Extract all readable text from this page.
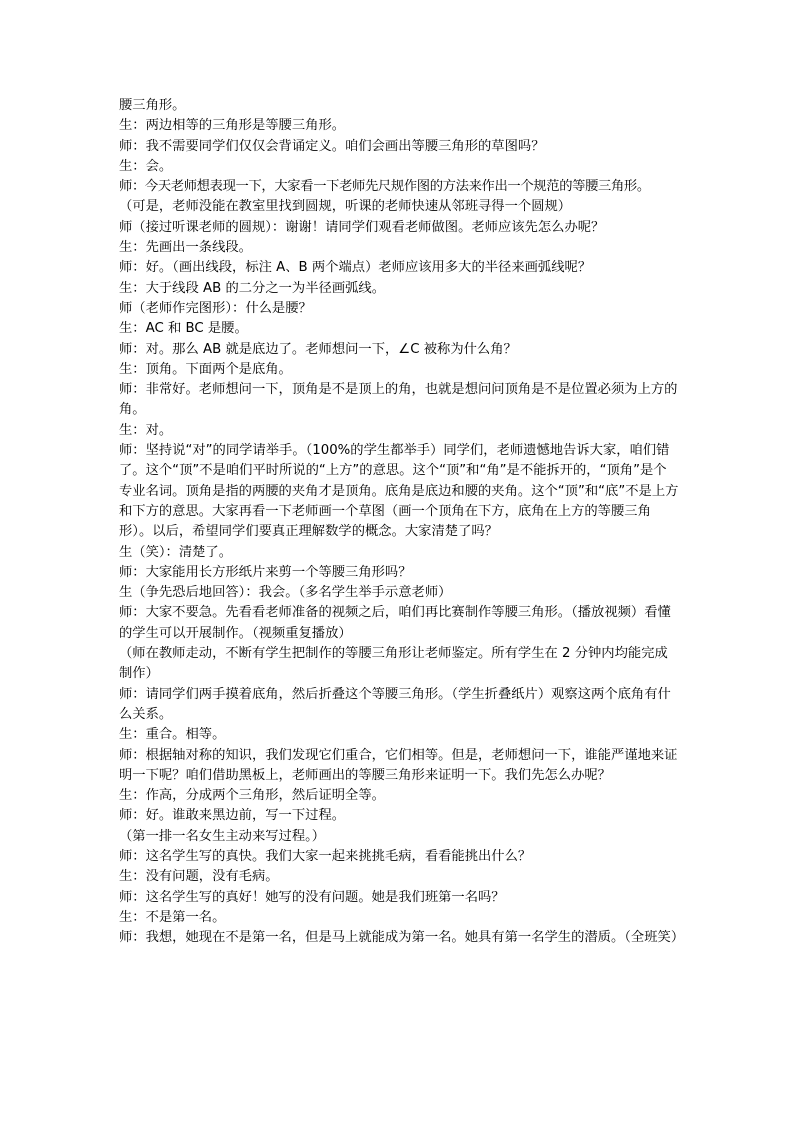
腰三角形。

生：两边相等的三角形是等腰三角形。

师：我不需要同学们仅仅会背诵定义。咱们会画出等腰三角形的草图吗？

生：会。

师：今天老师想表现一下，大家看一下老师先尺规作图的方法来作出一个规范的等腰三角形。

（可是，老师没能在教室里找到圆规，听课的老师快速从邻班寻得一个圆规）

师（接过听课老师的圆规）：谢谢！请同学们观看老师做图。老师应该先怎么办呢？

生：先画出一条线段。

师：好。（画出线段，标注 A、B 两个端点）老师应该用多大的半径来画弧线呢？

生：大于线段 AB 的二分之一为半径画弧线。

师（老师作完图形）：什么是腰？

生：AC 和 BC 是腰。

师：对。那么 AB 就是底边了。老师想问一下，∠C 被称为什么角？

生：顶角。下面两个是底角。

师：非常好。老师想问一下，顶角是不是顶上的角，也就是想问问顶角是不是位置必须为上方的角。

生：对。

师：坚持说“对”的同学请举手。（100%的学生都举手）同学们，老师遗憾地告诉大家，咱们错了。这个“顶”不是咱们平时所说的“上方”的意思。这个“顶”和“角”是不能拆开的，“顶角”是个专业名词。顶角是指的两腰的夹角才是顶角。底角是底边和腰的夹角。这个“顶”和“底”不是上方和下方的意思。大家再看一下老师画一个草图（画一个顶角在下方，底角在上方的等腰三角形）。以后，希望同学们要真正理解数学的概念。大家清楚了吗？

生（笑）：清楚了。

师：大家能用长方形纸片来剪一个等腰三角形吗？

生（争先恐后地回答）：我会。（多名学生举手示意老师）

师：大家不要急。先看看老师准备的视频之后，咱们再比赛制作等腰三角形。（播放视频）看懂的学生可以开展制作。（视频重复播放）

（师在教师走动，不断有学生把制作的等腰三角形让老师鉴定。所有学生在 2 分钟内均能完成制作）

师：请同学们两手摸着底角，然后折叠这个等腰三角形。（学生折叠纸片）观察这两个底角有什么关系。

生：重合。相等。

师：根据轴对称的知识，我们发现它们重合，它们相等。但是，老师想问一下，谁能严谨地来证明一下呢？咱们借助黑板上，老师画出的等腰三角形来证明一下。我们先怎么办呢？

生：作高，分成两个三角形，然后证明全等。

师：好。谁敢来黑边前，写一下过程。

（第一排一名女生主动来写过程。）

师：这名学生写的真快。我们大家一起来挑挑毛病，看看能挑出什么？

生：没有问题，没有毛病。

师：这名学生写的真好！她写的没有问题。她是我们班第一名吗？

生：不是第一名。

师：我想，她现在不是第一名，但是马上就能成为第一名。她具有第一名学生的潜质。（全班笑）
